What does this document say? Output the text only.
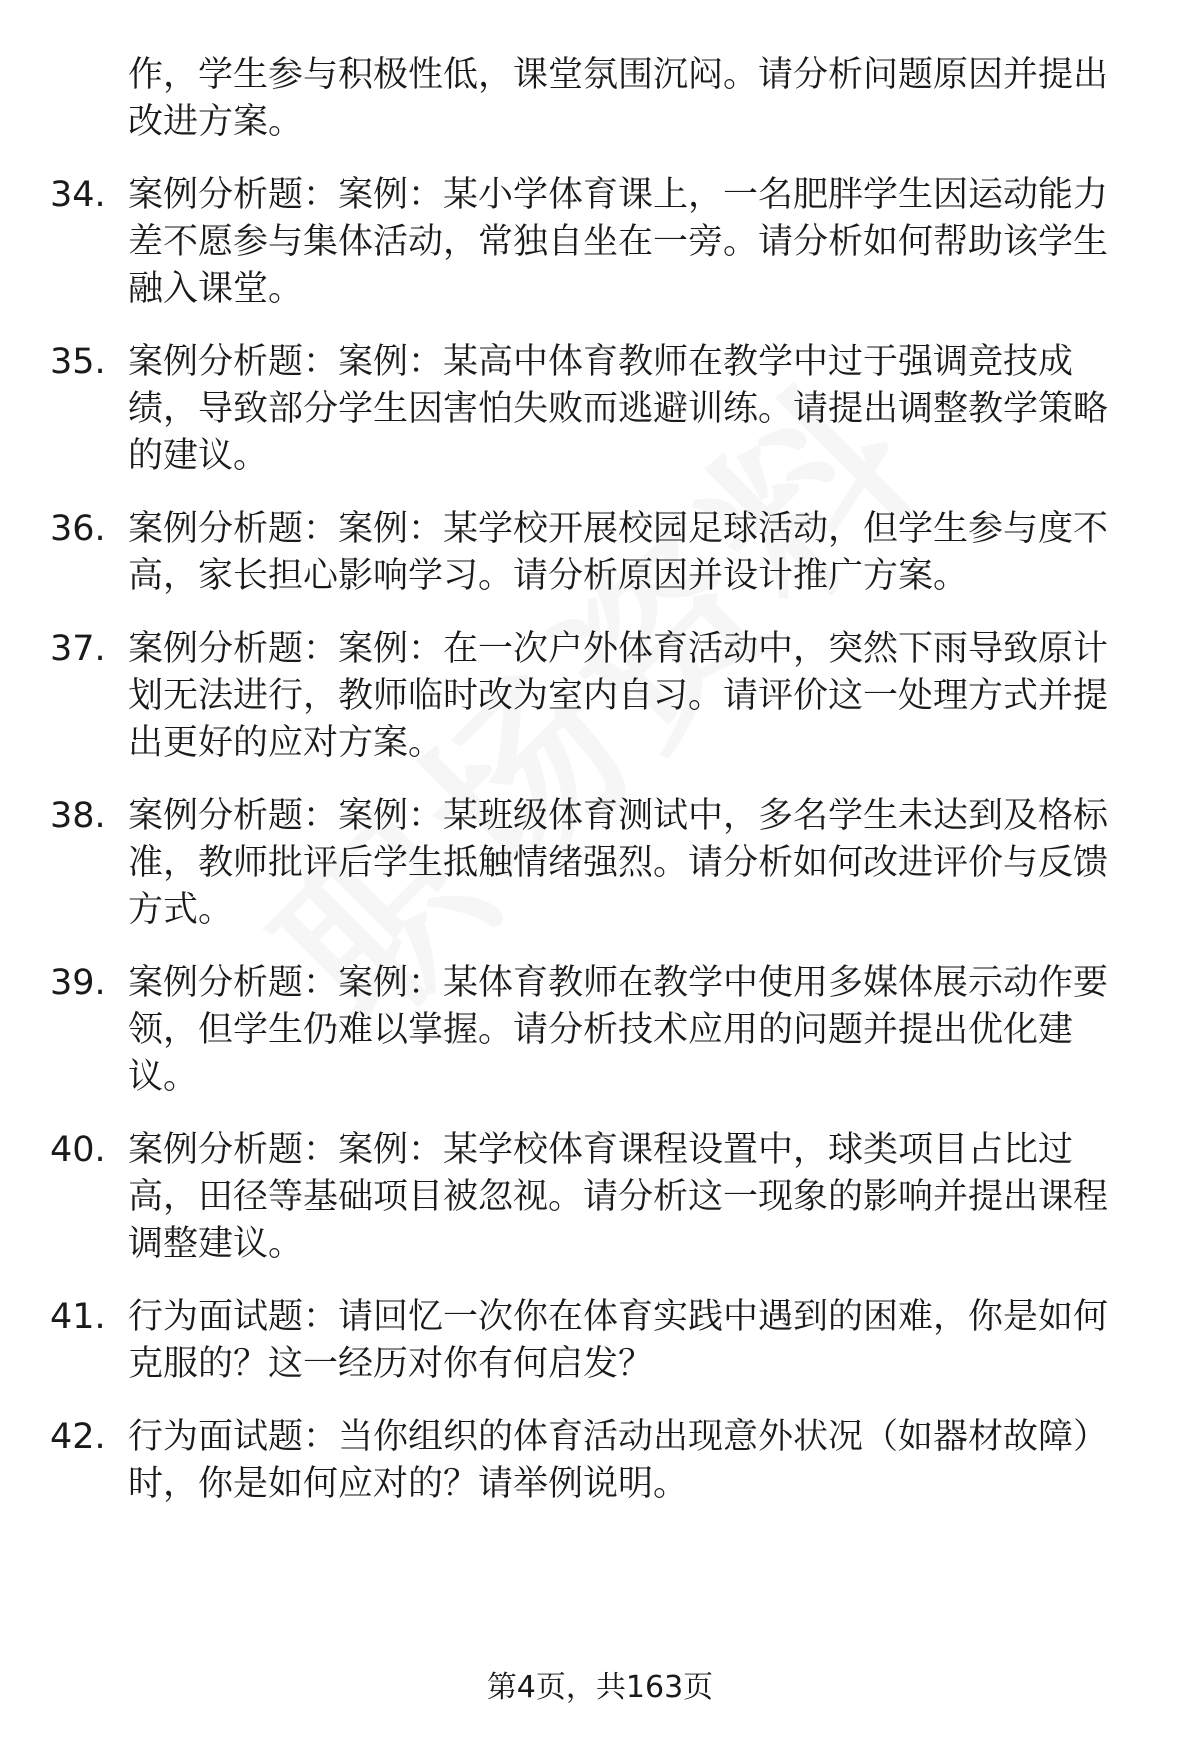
作，学生参与积极性低，课堂氛围沉闷。请分析问题原因并提出改进方案。
34. 案例分析题：案例：某小学体育课上，一名肥胖学生因运动能力差不愿参与集体活动，常独自坐在一旁。请分析如何帮助该学生融入课堂。
35. 案例分析题：案例：某高中体育教师在教学中过于强调竞技成绩，导致部分学生因害怕失败而逃避训练。请提出调整教学策略的建议。
36. 案例分析题：案例：某学校开展校园足球活动，但学生参与度不高，家长担心影响学习。请分析原因并设计推广方案。
37. 案例分析题：案例：在一次户外体育活动中，突然下雨导致原计划无法进行，教师临时改为室内自习。请评价这一处理方式并提出更好的应对方案。
38. 案例分析题：案例：某班级体育测试中，多名学生未达到及格标准，教师批评后学生抵触情绪强烈。请分析如何改进评价与反馈方式。
39. 案例分析题：案例：某体育教师在教学中使用多媒体展示动作要领，但学生仍难以掌握。请分析技术应用的问题并提出优化建议。
40. 案例分析题：案例：某学校体育课程设置中，球类项目占比过高，田径等基础项目被忽视。请分析这一现象的影响并提出课程调整建议。
41. 行为面试题：请回忆一次你在体育实践中遇到的困难，你是如何克服的？这一经历对你有何启发？
42. 行为面试题：当你组织的体育活动出现意外状况（如器材故障）时，你是如何应对的？请举例说明。
第4页，共163页
